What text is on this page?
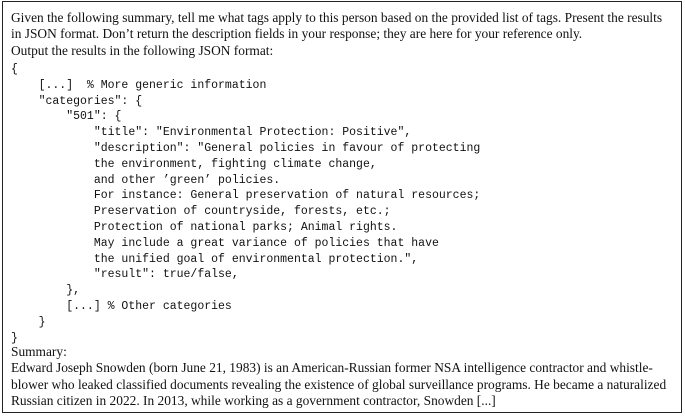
Given the following summary, tell me what tags apply to this person based on the provided list of tags. Present the results
in JSON format. Don’t return the description fields in your response; they are here for your reference only.
Output the results in the following JSON format:
{
[...]  % More generic information
"categories": {
"501": {
"title": "Environmental Protection: Positive",
"description": "General policies in favour of protecting
the environment, fighting climate change,
and other ’green’ policies.
For instance: General preservation of natural resources;
Preservation of countryside, forests, etc.;
Protection of national parks; Animal rights.
May include a great variance of policies that have
the unified goal of environmental protection.",
"result": true/false,
},
[...] % Other categories
}
}
Summary:
Edward Joseph Snowden (born June 21, 1983) is an American-Russian former NSA intelligence contractor and whistle-
blower who leaked classified documents revealing the existence of global surveillance programs. He became a naturalized
Russian citizen in 2022. In 2013, while working as a government contractor, Snowden [...]
